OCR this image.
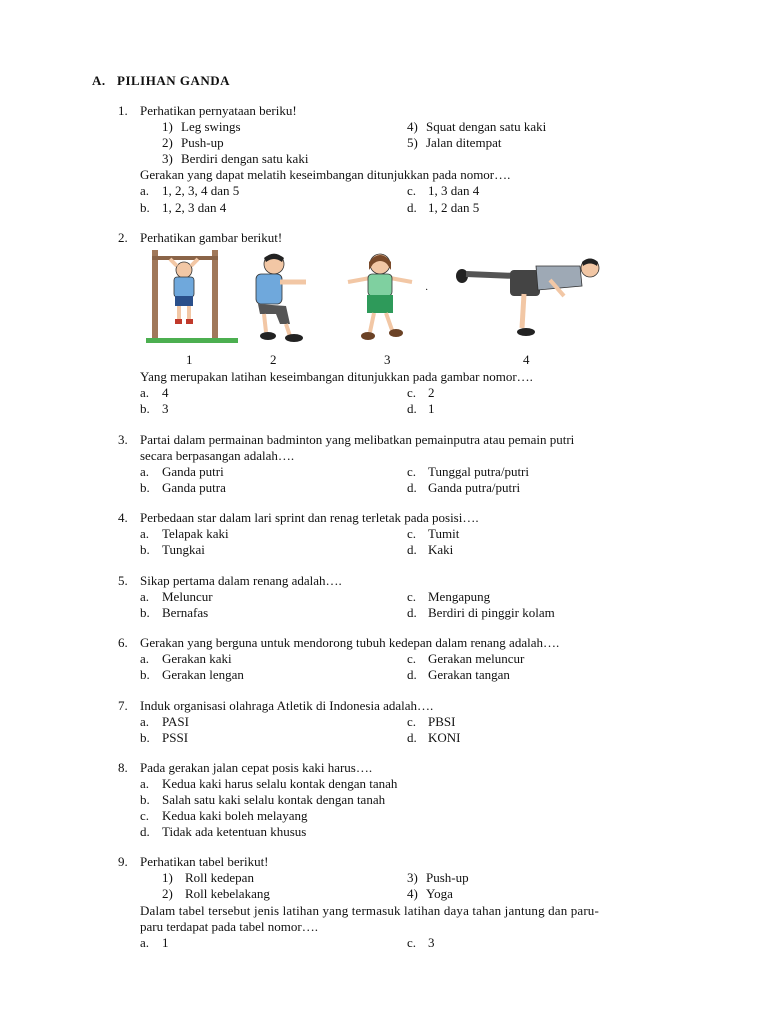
A. PILIHAN GANDA
1. Perhatikan pernyataan beriku!
1) Leg swings
2) Push-up
3) Berdiri dengan satu kaki
4) Squat dengan satu kaki
5) Jalan ditempat
Gerakan yang dapat melatih keseimbangan ditunjukkan pada nomor….
a. 1, 2, 3, 4 dan 5
b. 1, 2, 3 dan 4
c. 1, 3 dan 4
d. 1, 2 dan 5
2. Perhatikan gambar berikut!
·
1	2	3	4
Yang merupakan latihan keseimbangan ditunjukkan pada gambar nomor….
a. 4
b. 3
c. 2
d. 1
3. Partai dalam permainan badminton yang melibatkan pemainputra atau pemain putri
secara berpasangan adalah….
a. Ganda putri
b. Ganda putra
c. Tunggal putra/putri
d. Ganda putra/putri
4. Perbedaan star dalam lari sprint dan renag terletak pada posisi….
a. Telapak kaki
b. Tungkai
c. Tumit
d. Kaki
5. Sikap pertama dalam renang adalah….
a. Meluncur
b. Bernafas
c. Mengapung
d. Berdiri di pinggir kolam
6. Gerakan yang berguna untuk mendorong tubuh kedepan dalam renang adalah….
a. Gerakan kaki
b. Gerakan lengan
c. Gerakan meluncur
d. Gerakan tangan
7. Induk organisasi olahraga Atletik di Indonesia adalah….
a. PASI
b. PSSI
c. PBSI
d. KONI
8. Pada gerakan jalan cepat posis kaki harus….
a. Kedua kaki harus selalu kontak dengan tanah
b. Salah satu kaki selalu kontak dengan tanah
c. Kedua kaki boleh melayang
d. Tidak ada ketentuan khusus
9. Perhatikan tabel berikut!
1) Roll kedepan
2) Roll kebelakang
3) Push-up
4) Yoga
Dalam tabel tersebut jenis latihan yang termasuk latihan daya tahan jantung dan paru-
paru terdapat pada tabel nomor….
a. 1	c. 3
